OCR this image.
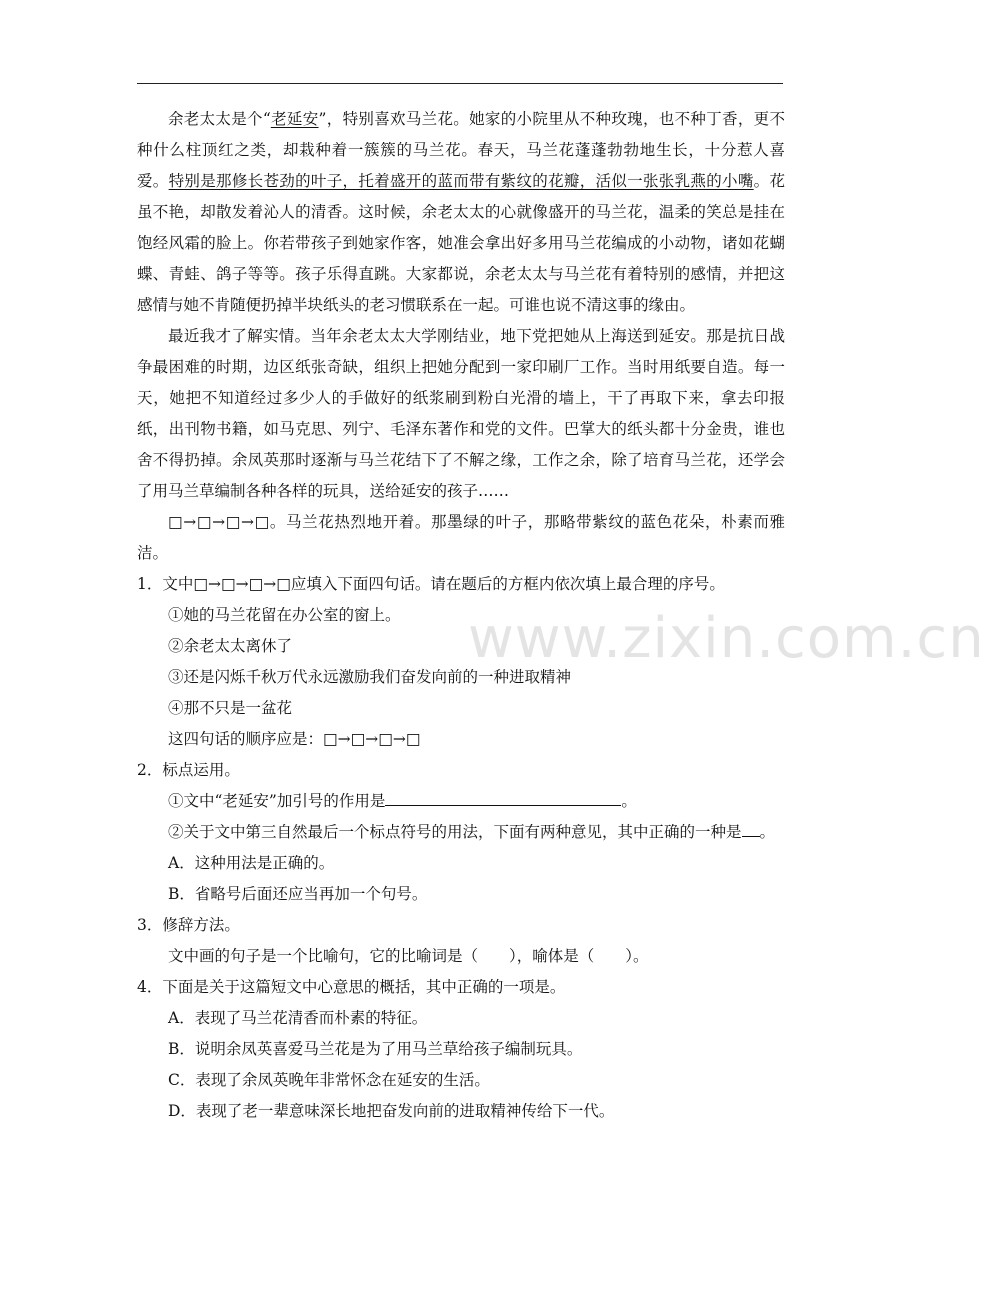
余老太太是个“老延安”，特别喜欢马兰花。她家的小院里从不种玫瑰，也不种丁香，更不种什么柱顶红之类，却栽种着一簇簇的马兰花。春天，马兰花蓬蓬勃勃地生长，十分惹人喜爱。特别是那修长苍劲的叶子，托着盛开的蓝而带有紫纹的花瓣，活似一张张乳燕的小嘴。花虽不艳，却散发着沁人的清香。这时候，余老太太的心就像盛开的马兰花，温柔的笑总是挂在饱经风霜的脸上。你若带孩子到她家作客，她准会拿出好多用马兰花编成的小动物，诸如花蝴蝶、青蛙、鸽子等等。孩子乐得直跳。大家都说，余老太太与马兰花有着特别的感情，并把这感情与她不肯随便扔掉半块纸头的老习惯联系在一起。可谁也说不清这事的缘由。

最近我才了解实情。当年余老太太大学刚结业，地下党把她从上海送到延安。那是抗日战争最困难的时期，边区纸张奇缺，组织上把她分配到一家印刷厂工作。当时用纸要自造。每一天，她把不知道经过多少人的手做好的纸浆刷到粉白光滑的墙上，干了再取下来，拿去印报纸，出刊物书籍，如马克思、列宁、毛泽东著作和党的文件。巴掌大的纸头都十分金贵，谁也舍不得扔掉。余凤英那时逐渐与马兰花结下了不解之缘，工作之余，除了培育马兰花，还学会了用马兰草编制各种各样的玩具，送给延安的孩子……

□→□→□→□。马兰花热烈地开着。那墨绿的叶子，那略带紫纹的蓝色花朵，朴素而雅洁。

1．文中□→□→□→□应填入下面四句话。请在题后的方框内依次填上最合理的序号。

①她的马兰花留在办公室的窗上。

②余老太太离休了

③还是闪烁千秋万代永远激励我们奋发向前的一种进取精神

④那不只是一盆花

这四句话的顺序应是：□→□→□→□

2．标点运用。

①文中“老延安”加引号的作用是	。

②关于文中第三自然最后一个标点符号的用法，下面有两种意见，其中正确的一种是 。

A．这种用法是正确的。

B．省略号后面还应当再加一个句号。

3．修辞方法。

文中画的句子是一个比喻句，它的比喻词是（　　），喻体是（　　）。

4．下面是关于这篇短文中心意思的概括，其中正确的一项是。

A．表现了马兰花清香而朴素的特征。

B．说明余凤英喜爱马兰花是为了用马兰草给孩子编制玩具。

C．表现了余凤英晚年非常怀念在延安的生活。

D．表现了老一辈意味深长地把奋发向前的进取精神传给下一代。

www.zixin.com.cn
